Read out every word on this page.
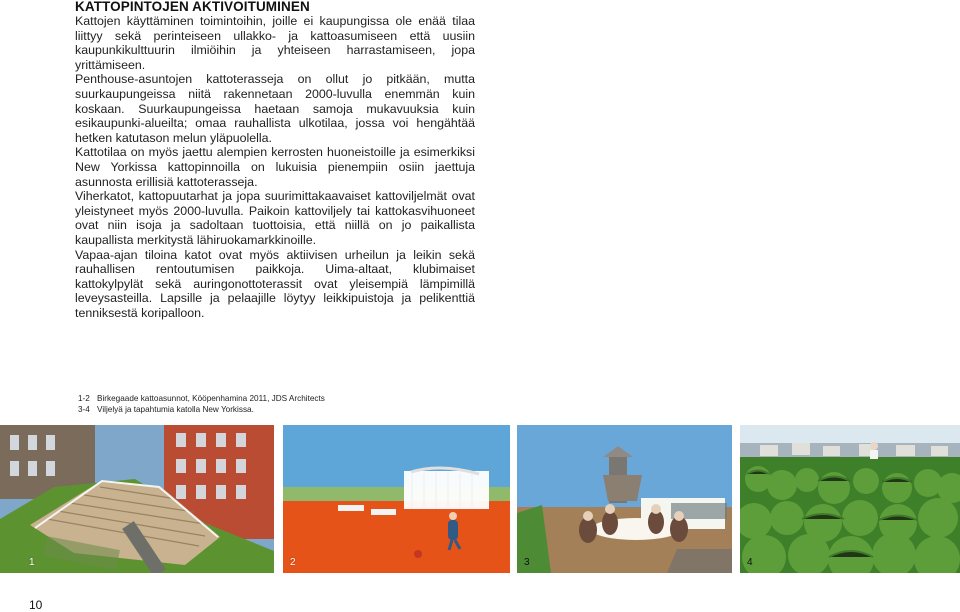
KATTOPINTOJEN AKTIVOITUMINEN

Kattojen käyttäminen toimintoihin, joille ei kaupungissa ole enää tilaa liittyy sekä perinteiseen ullakko- ja kattoasumiseen että uusiin kaupunkikulttuurin ilmiöihin ja yhteiseen harrastamiseen, jopa yrittämiseen.

Penthouse-asuntojen kattoterasseja on ollut jo pitkään, mutta suurkaupungeissa niitä rakennetaan 2000-luvulla enemmän kuin koskaan. Suurkaupungeissa haetaan samoja mukavuuksia kuin esikaupunki-alueilta; omaa rauhallista ulkotilaa, jossa voi hengähtää hetken katutason melun yläpuolella.

Kattotilaa on myös jaettu alempien kerrosten huoneistoille ja esimerkiksi New Yorkissa kattopinnoilla on lukuisia pienempiin osiin jaettuja asunnosta erillisiä kattoterasseja.

Viherkatot, kattopuutarhat ja jopa suurimittakaavaiset kattoviljelmät ovat yleistyneet myös 2000-luvulla. Paikoin kattoviljely tai kattokasvihuoneet ovat niin isoja ja sadoltaan tuottoisia, että niillä on jo paikallista kaupallista merkitystä lähiruokamarkkinoille.

Vapaa-ajan tiloina katot ovat myös aktiivisen urheilun ja leikin sekä rauhallisen rentoutumisen paikkoja. Uima-altaat, klubimaiset kattokylpylät sekä auringonottoterassit ovat yleisempiä lämpimillä leveysasteilla. Lapsille ja pelaajille löytyy leikkipuistoja ja pelikenttiä tenniksestä koripalloon.

1-2 Birkegaade kattoasunnot, Kööpenhamina 2011, JDS Architects
3-4 Viljelyä ja tapahtumia katolla New Yorkissa.
1	2	3	4
10
